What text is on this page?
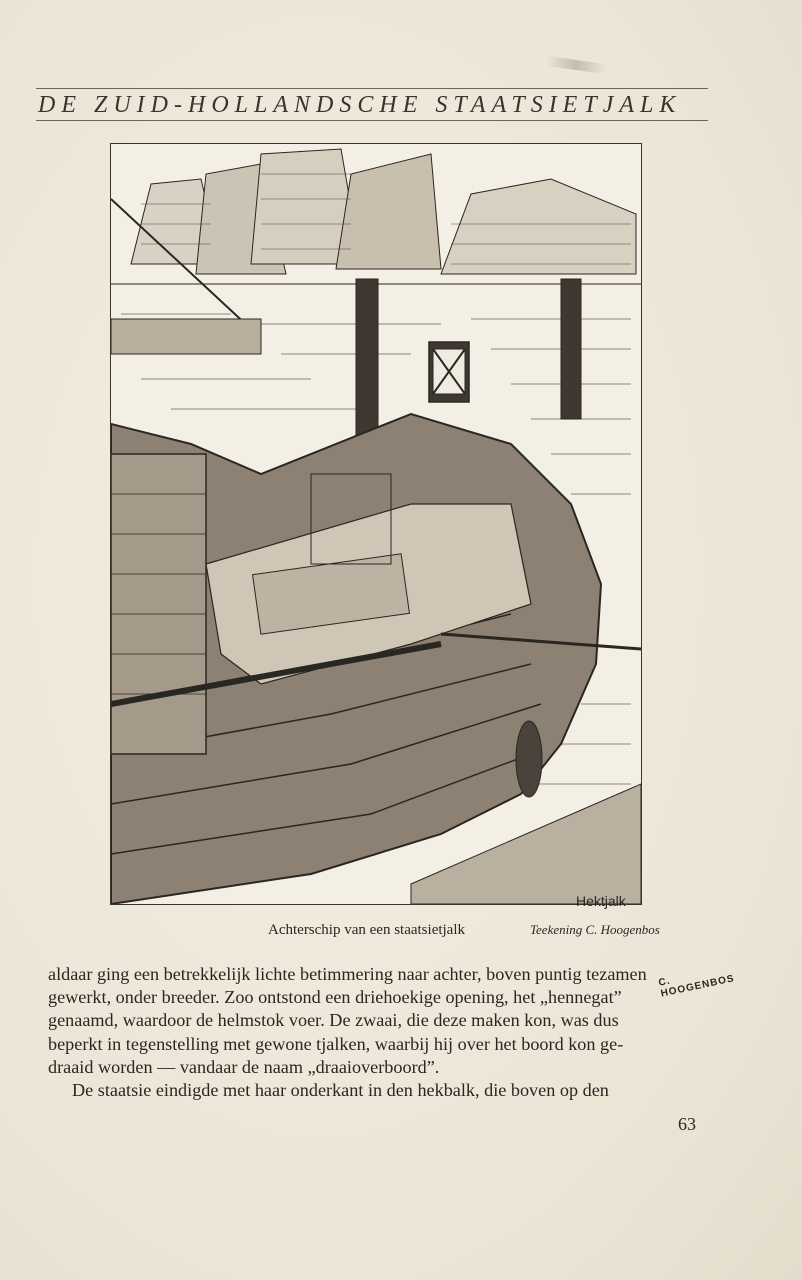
DE ZUID-HOLLANDSCHE STAATSIETJALK
C. HOOGENBOS
Hektjalk
Achterschip van een staatsietjalk	Teekening C. Hoogenbos
aldaar ging een betrekkelijk lichte betimmering naar achter, boven puntig tezamen
gewerkt, onder breeder. Zoo ontstond een driehoekige opening, het „hennegat”
genaamd, waardoor de helmstok voer. De zwaai, die deze maken kon, was dus
beperkt in tegenstelling met gewone tjalken, waarbij hij over het boord kon ge-
draaid worden — vandaar de naam „draaioverboord”.
De staatsie eindigde met haar onderkant in den hekbalk, die boven op den
63
